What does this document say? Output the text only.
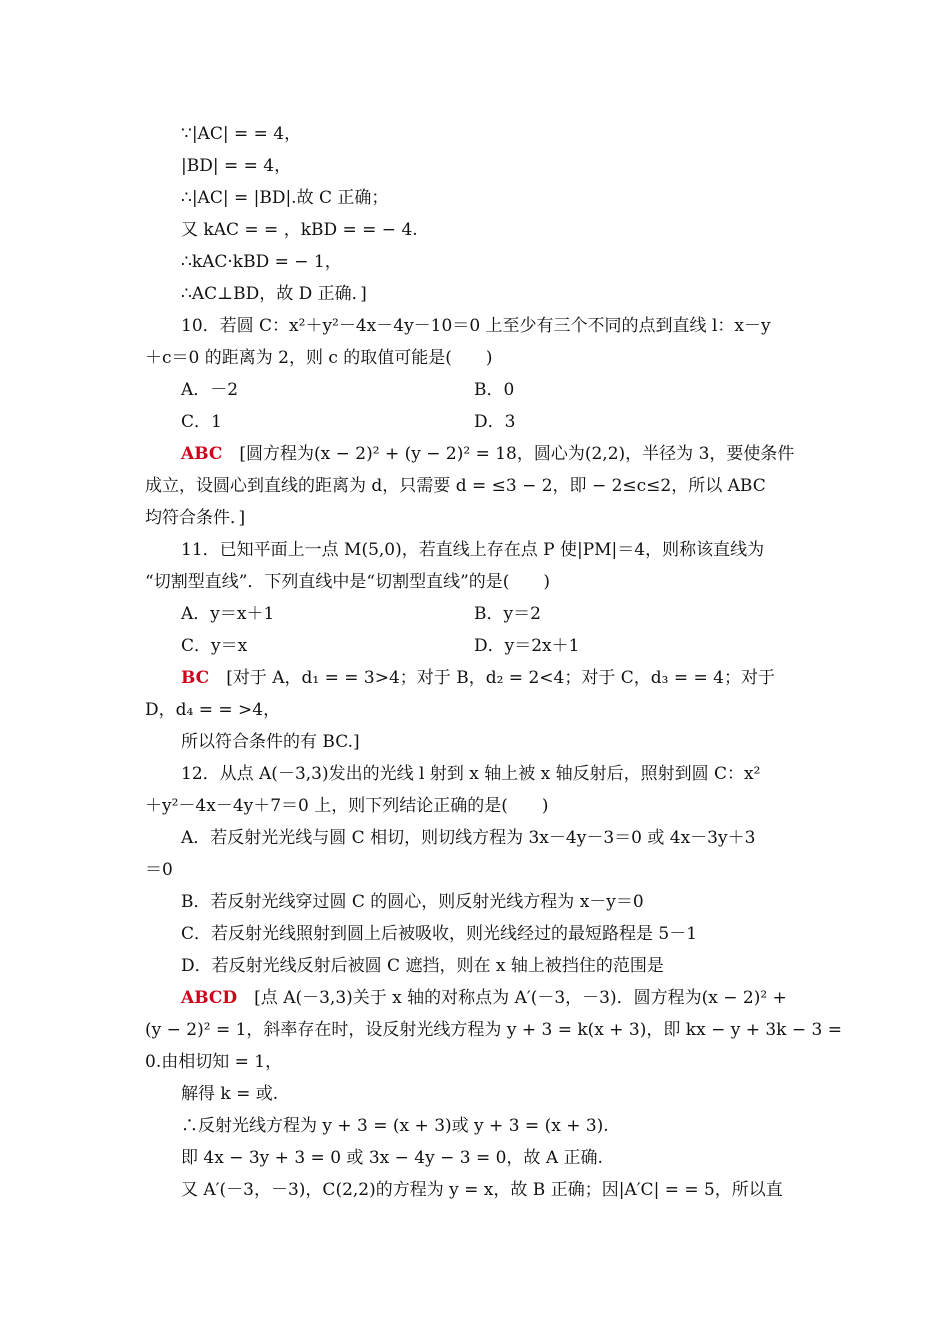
∵|AC| = = 4，
|BD| = = 4，
∴|AC| = |BD|.故 C 正确；
又 kAC = = ，kBD = = − 4.
∴kAC·kBD = − 1，
∴AC⊥BD，故 D 正确．]
10．若圆 C：x²＋y²－4x－4y－10＝0 上至少有三个不同的点到直线 l：x－y
＋c＝0 的距离为 2，则 c 的取值可能是(　　)
A．－2	B．0
C．1	D．3
ABC　[圆方程为(x − 2)² + (y − 2)² = 18，圆心为(2,2)，半径为 3，要使条件
成立，设圆心到直线的距离为 d，只需要 d = ≤3 − 2，即 − 2≤c≤2，所以 ABC
均符合条件．]
11．已知平面上一点 M(5,0)，若直线上存在点 P 使|PM|＝4，则称该直线为
“切割型直线”．下列直线中是“切割型直线”的是(　　)
A．y＝x＋1	B．y＝2
C．y＝x	D．y＝2x＋1
BC　[对于 A，d₁ = = 3>4；对于 B，d₂ = 2<4；对于 C，d₃ = = 4；对于
D，d₄ = = >4，
所以符合条件的有 BC.]
12．从点 A(－3,3)发出的光线 l 射到 x 轴上被 x 轴反射后，照射到圆 C：x²
＋y²－4x－4y＋7＝0 上，则下列结论正确的是(　　)
A．若反射光光线与圆 C 相切，则切线方程为 3x－4y－3＝0 或 4x－3y＋3
＝0
B．若反射光线穿过圆 C 的圆心，则反射光线方程为 x－y＝0
C．若反射光线照射到圆上后被吸收，则光线经过的最短路程是 5－1
D．若反射光线反射后被圆 C 遮挡，则在 x 轴上被挡住的范围是
ABCD　[点 A(－3,3)关于 x 轴的对称点为 A′(－3，－3)．圆方程为(x − 2)² +
(y − 2)² = 1，斜率存在时，设反射光线方程为 y + 3 = k(x + 3)，即 kx − y + 3k − 3 =
0.由相切知 = 1，
解得 k = 或.
∴反射光线方程为 y + 3 = (x + 3)或 y + 3 = (x + 3).
即 4x − 3y + 3 = 0 或 3x − 4y − 3 = 0，故 A 正确.
又 A′(－3，－3)，C(2,2)的方程为 y = x，故 B 正确；因|A′C| = = 5，所以直
